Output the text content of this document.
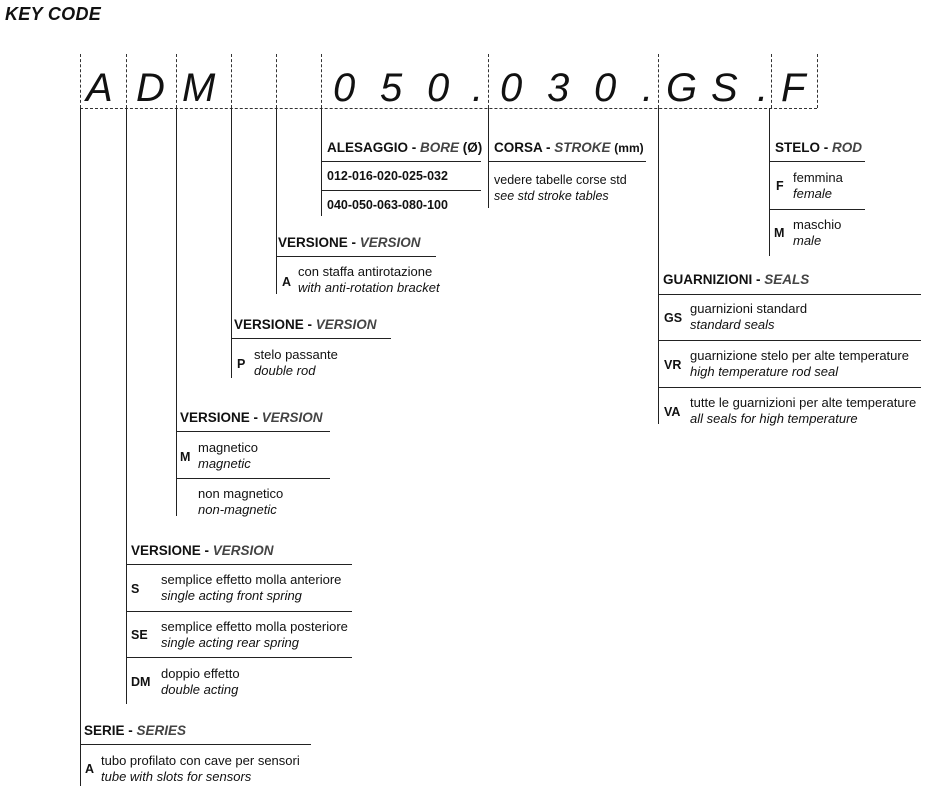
KEY CODE
A D M	0 5 0 . 0 3 0 . G S . F
ALESAGGIO - BORE (Ø)
012-016-020-025-032
040-050-063-080-100
CORSA - STROKE (mm)
vedere tabelle corse std
see std stroke tables
STELO - ROD
F
femmina
female
M
maschio
male
VERSIONE - VERSION
A
con staffa antirotazione
with anti-rotation bracket
GUARNIZIONI - SEALS
GS
guarnizioni standard
standard seals
VR
guarnizione stelo per alte temperature
high temperature rod seal
VA
tutte le guarnizioni per alte temperature
all seals for high temperature
VERSIONE - VERSION
P
stelo passante
double rod
VERSIONE - VERSION
M
magnetico
magnetic
non magnetico
non-magnetic
VERSIONE - VERSION
S
semplice effetto molla anteriore
single acting front spring
SE
semplice effetto molla posteriore
single acting rear spring
DM
doppio effetto
double acting
SERIE - SERIES
A
tubo profilato con cave per sensori
tube with slots for sensors
